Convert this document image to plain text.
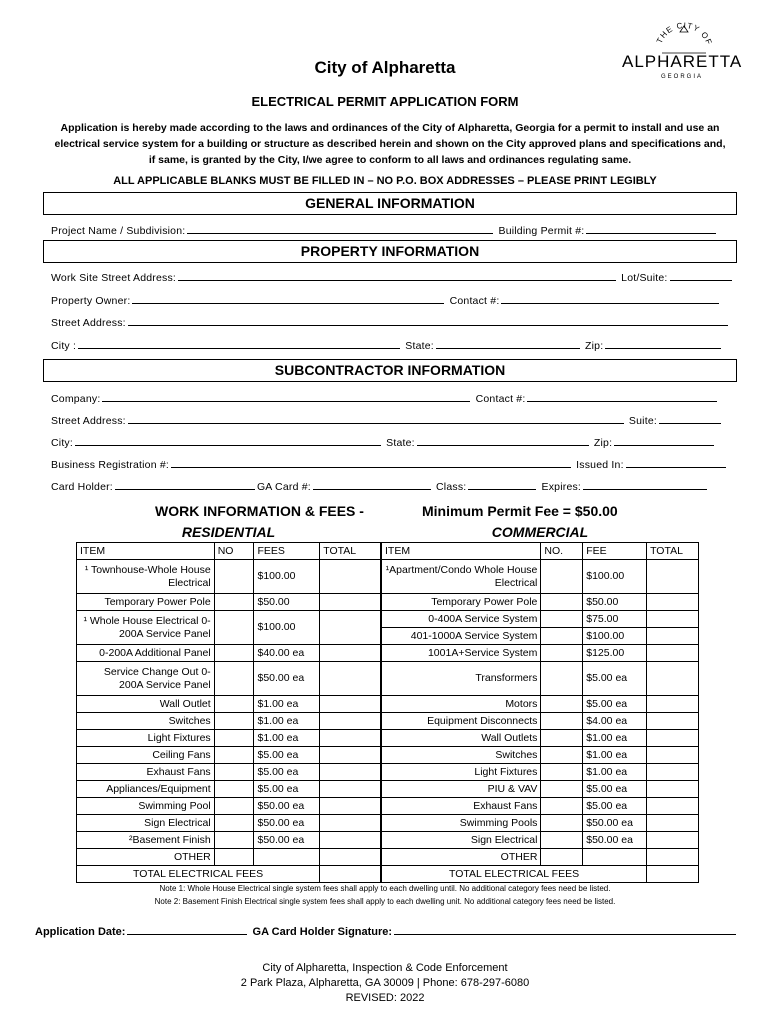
THE CITY OF
ALPHARETTA
GEORGIA
City of Alpharetta
ELECTRICAL PERMIT APPLICATION FORM
Application is hereby made according to the laws and ordinances of the City of Alpharetta, Georgia for a permit to install and use an electrical service system for a building or structure as described herein and shown on the City approved plans and specifications and, if same, is granted by the City, I/we agree to conform to all laws and ordinances regulating same.
ALL APPLICABLE BLANKS MUST BE FILLED IN – NO P.O. BOX ADDRESSES – PLEASE PRINT LEGIBLY
GENERAL INFORMATION
Project Name / Subdivision:	Building Permit #:
PROPERTY INFORMATION
Work Site Street Address:	Lot/Suite:
Property Owner:	Contact #:
Street Address:
City :	State:	Zip:
SUBCONTRACTOR INFORMATION
Company:	Contact #:
Street Address:	Suite:
City:	State:	Zip:
Business Registration #:	Issued In:
Card Holder:	GA Card #:	Class:	Expires:
WORK INFORMATION & FEES -	Minimum Permit Fee = $50.00
RESIDENTIAL	COMMERCIAL
ITEM	NO	FEES	TOTAL
¹ Townhouse-Whole House Electrical		$100.00	
Temporary Power Pole		$50.00	
¹ Whole House Electrical 0-200A Service Panel		$100.00	
0-200A Additional Panel		$40.00 ea	
Service Change Out 0-200A Service Panel		$50.00 ea	
Wall Outlet		$1.00 ea	
Switches		$1.00 ea	
Light Fixtures		$1.00 ea	
Ceiling Fans		$5.00 ea	
Exhaust Fans		$5.00 ea	
Appliances/Equipment		$5.00 ea	
Swimming Pool		$50.00 ea	
Sign Electrical		$50.00 ea	
²Basement Finish		$50.00 ea	
OTHER			
TOTAL ELECTRICAL FEES			
ITEM	NO.	FEE	TOTAL
¹Apartment/Condo Whole House Electrical		$100.00	
Temporary Power Pole		$50.00	
0-400A Service System		$75.00	
401-1000A Service System		$100.00	
1001A+Service System		$125.00	
Transformers		$5.00 ea	
Motors		$5.00 ea	
Equipment Disconnects		$4.00 ea	
Wall Outlets		$1.00 ea	
Switches		$1.00 ea	
Light Fixtures		$1.00 ea	
PIU & VAV		$5.00 ea	
Exhaust Fans		$5.00 ea	
Swimming Pools		$50.00 ea	
Sign Electrical		$50.00 ea	
OTHER			
TOTAL ELECTRICAL FEES			
Note 1: Whole House Electrical single system fees shall apply to each dwelling until. No additional category fees need be listed.
Note 2: Basement Finish Electrical single system fees shall apply to each dwelling unit. No additional category fees need be listed.
Application Date:	GA Card Holder Signature:
City of Alpharetta, Inspection & Code Enforcement
2 Park Plaza, Alpharetta, GA 30009 | Phone: 678-297-6080
REVISED: 2022
